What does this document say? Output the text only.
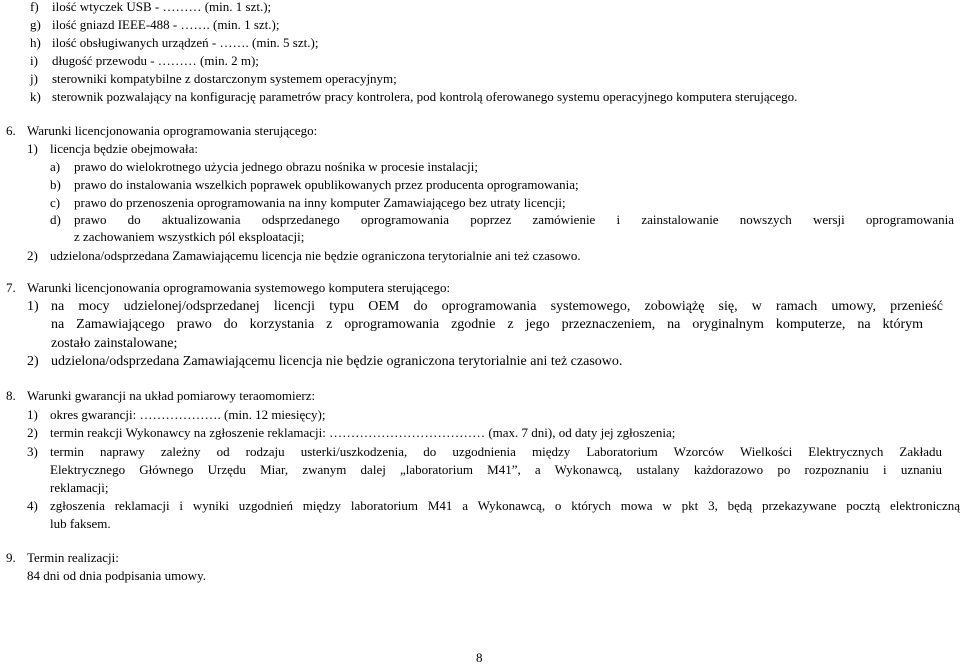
f) ilość wtyczek USB - ……… (min. 1 szt.);
g) ilość gniazd IEEE-488 - ……. (min. 1 szt.);
h) ilość obsługiwanych urządzeń - ……. (min. 5 szt.);
i) długość przewodu - ……… (min. 2 m);
j) sterowniki kompatybilne z dostarczonym systemem operacyjnym;
k) sterownik pozwalający na konfigurację parametrów pracy kontrolera, pod kontrolą oferowanego systemu operacyjnego komputera sterującego.
6. Warunki licencjonowania oprogramowania sterującego:
1) licencja będzie obejmowała:
a) prawo do wielokrotnego użycia jednego obrazu nośnika w procesie instalacji;
b) prawo do instalowania wszelkich poprawek opublikowanych przez producenta oprogramowania;
c) prawo do przenoszenia oprogramowania na inny komputer Zamawiającego bez utraty licencji;
d) prawo do aktualizowania odsprzedanego oprogramowania poprzez zamówienie i zainstalowanie nowszych wersji oprogramowania
z zachowaniem wszystkich pól eksploatacji;
2) udzielona/odsprzedana Zamawiającemu licencja nie będzie ograniczona terytorialnie ani też czasowo.
7. Warunki licencjonowania oprogramowania systemowego komputera sterującego:
1) na mocy udzielonej/odsprzedanej licencji typu OEM do oprogramowania systemowego, zobowiążę się, w ramach umowy, przenieść
na Zamawiającego prawo do korzystania z oprogramowania zgodnie z jego przeznaczeniem, na oryginalnym komputerze, na którym
zostało zainstalowane;
2) udzielona/odsprzedana Zamawiającemu licencja nie będzie ograniczona terytorialnie ani też czasowo.
8. Warunki gwarancji na układ pomiarowy teraomomierz:
1) okres gwarancji: ………………. (min. 12 miesięcy);
2) termin reakcji Wykonawcy na zgłoszenie reklamacji: ……………………………… (max. 7 dni), od daty jej zgłoszenia;
3) termin naprawy zależny od rodzaju usterki/uszkodzenia, do uzgodnienia między Laboratorium Wzorców Wielkości Elektrycznych Zakładu
Elektrycznego Głównego Urzędu Miar, zwanym dalej „laboratorium M41”, a Wykonawcą, ustalany każdorazowo po rozpoznaniu i uznaniu
reklamacji;
4) zgłoszenia reklamacji i wyniki uzgodnień między laboratorium M41 a Wykonawcą, o których mowa w pkt 3, będą przekazywane pocztą elektroniczną
lub faksem.
9. Termin realizacji:
84 dni od dnia podpisania umowy.
8
